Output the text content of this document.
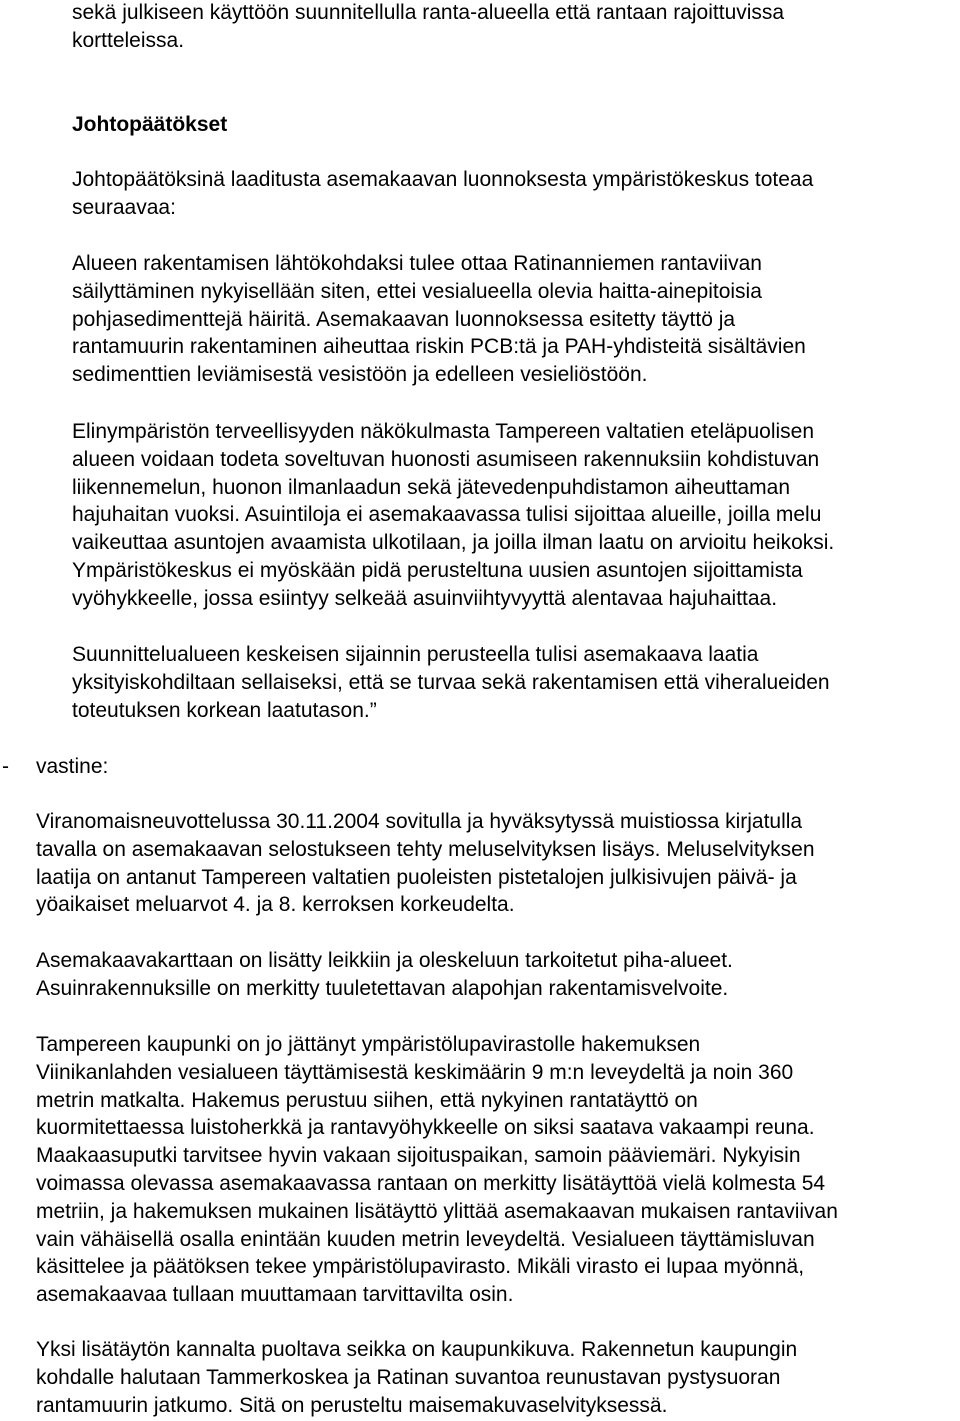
sekä julkiseen käyttöön suunnitellulla ranta-alueella että rantaan rajoittuvissa
kortteleissa.

Johtopäätökset

Johtopäätöksinä laaditusta asemakaavan luonnoksesta ympäristökeskus toteaa
seuraavaa:

Alueen rakentamisen lähtökohdaksi tulee ottaa Ratinanniemen rantaviivan
säilyttäminen nykyisellään siten, ettei vesialueella olevia haitta-ainepitoisia
pohjasedimenttejä häiritä. Asemakaavan luonnoksessa esitetty täyttö ja
rantamuurin rakentaminen aiheuttaa riskin PCB:tä ja PAH-yhdisteitä sisältävien
sedimenttien leviämisestä vesistöön ja edelleen vesieliöstöön.

Elinympäristön terveellisyyden näkökulmasta Tampereen valtatien eteläpuolisen
alueen voidaan todeta soveltuvan huonosti asumiseen rakennuksiin kohdistuvan
liikennemelun, huonon ilmanlaadun sekä jätevedenpuhdistamon aiheuttaman
hajuhaitan vuoksi. Asuintiloja ei asemakaavassa tulisi sijoittaa alueille, joilla melu
vaikeuttaa asuntojen avaamista ulkotilaan, ja joilla ilman laatu on arvioitu heikoksi.
Ympäristökeskus ei myöskään pidä perusteltuna uusien asuntojen sijoittamista
vyöhykkeelle, jossa esiintyy selkeää asuinviihtyvyyttä alentavaa hajuhaittaa.

Suunnittelualueen keskeisen sijainnin perusteella tulisi asemakaava laatia
yksityiskohdiltaan sellaiseksi, että se turvaa sekä rakentamisen että viheralueiden
toteutuksen korkean laatutason.”

- vastine:

Viranomaisneuvottelussa 30.11.2004 sovitulla ja hyväksytyssä muistiossa kirjatulla
tavalla on asemakaavan selostukseen tehty meluselvityksen lisäys. Meluselvityksen
laatija on antanut Tampereen valtatien puoleisten pistetalojen julkisivujen päivä- ja
yöaikaiset meluarvot 4. ja 8. kerroksen korkeudelta.

Asemakaavakarttaan on lisätty leikkiin ja oleskeluun tarkoitetut piha-alueet.
Asuinrakennuksille on merkitty tuuletettavan alapohjan rakentamisvelvoite.

Tampereen kaupunki on jo jättänyt ympäristölupavirastolle hakemuksen
Viinikanlahden vesialueen täyttämisestä keskimäärin 9 m:n leveydeltä ja noin 360
metrin matkalta. Hakemus perustuu siihen, että nykyinen rantatäyttö on
kuormitettaessa luistoherkkä ja rantavyöhykkeelle on siksi saatava vakaampi reuna.
Maakaasuputki tarvitsee hyvin vakaan sijoituspaikan, samoin pääviemäri. Nykyisin
voimassa olevassa asemakaavassa rantaan on merkitty lisätäyttöä vielä kolmesta 54
metriin, ja hakemuksen mukainen lisätäyttö ylittää asemakaavan mukaisen rantaviivan
vain vähäisellä osalla enintään kuuden metrin leveydeltä. Vesialueen täyttämisluvan
käsittelee ja päätöksen tekee ympäristölupavirasto. Mikäli virasto ei lupaa myönnä,
asemakaavaa tullaan muuttamaan tarvittavilta osin.

Yksi lisätäytön kannalta puoltava seikka on kaupunkikuva. Rakennetun kaupungin
kohdalle halutaan Tammerkoskea ja Ratinan suvantoa reunustavan pystysuoran
rantamuurin jatkumo. Sitä on perusteltu maisemakuvaselvityksessä.
